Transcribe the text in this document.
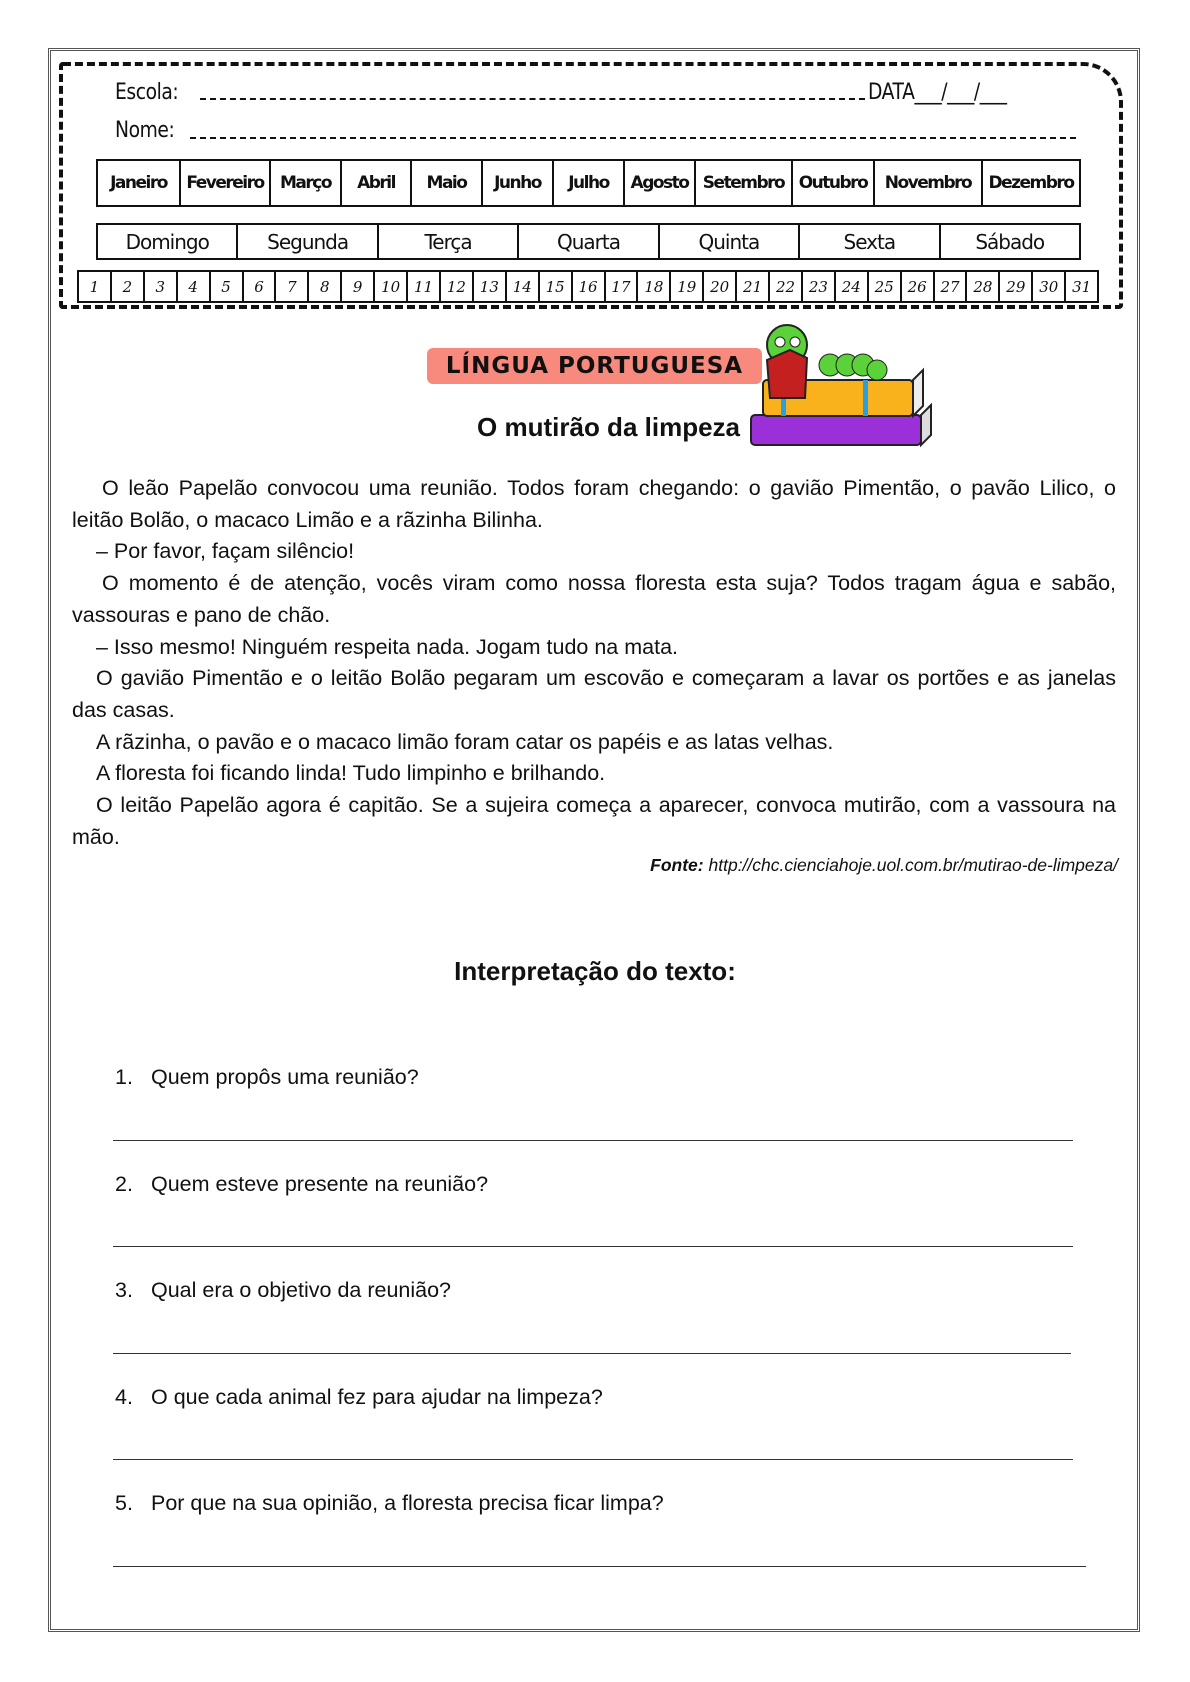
Escola:	DATA___/___/___
Nome:
Janeiro	Fevereiro Março	Abril	Maio	Junho	Julho	Agosto Setembro Outubro	Novembro	Dezembro
Domingo	Segunda	Terça	Quarta	Quinta	Sexta	Sábado
1	2	3	4	5	6	7	8	9	10 11 12 13 14 15 16 17 18 19 20 21 22 23 24 25 26 27 28 29 30 31
LÍNGUA PORTUGUESA
O mutirão da limpeza

O leão Papelão convocou uma reunião. Todos foram chegando: o gavião Pimentão, o pavão Lilico, o leitão Bolão, o macaco Limão e a rãzinha Bilinha.

– Por favor, façam silêncio!

O momento é de atenção, vocês viram como nossa floresta esta suja? Todos tragam água e sabão, vassouras e pano de chão.

– Isso mesmo! Ninguém respeita nada. Jogam tudo na mata.

O gavião Pimentão e o leitão Bolão pegaram um escovão e começaram a lavar os portões e as janelas das casas.

A rãzinha, o pavão e o macaco limão foram catar os papéis e as latas velhas.

A floresta foi ficando linda! Tudo limpinho e brilhando.

O leitão Papelão agora é capitão. Se a sujeira começa a aparecer, convoca mutirão, com a vassoura na mão.

Fonte: http://chc.cienciahoje.uol.com.br/mutirao-de-limpeza/
Interpretação do texto:
1. Quem propôs uma reunião?
2. Quem esteve presente na reunião?
3. Qual era o objetivo da reunião?
4. O que cada animal fez para ajudar na limpeza?
5. Por que na sua opinião, a floresta precisa ficar limpa?
